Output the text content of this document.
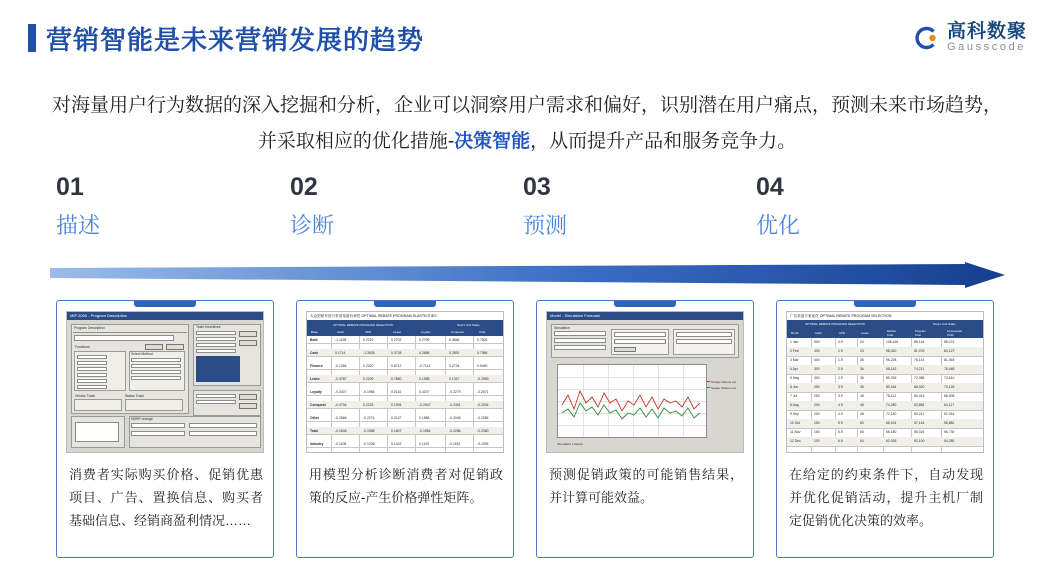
营销智能是未来营销发展的趋势	高科数聚
Gausscode
对海量用户行为数据的深入挖掘和分析，企业可以洞察用户需求和偏好，识别潜在用户痛点，预测未来市场趋势，并采取相应的优化措施-决策智能，从而提升产品和服务竞争力。
01
描述
02
诊断
03
预测
04
优化
MIP 2000 - Program Description
Program Description
Functions
Select Method
Vendor Track	Status Track
Team Incentives
MSRP change
消费者实际购买价格、促销优惠项目、广告、置换信息、购买者基础信息、经销商盈利情况……
大众型轿车进口采用渠道价弹性 OPTIMAL REBATE PROGRAM ELASTICITIES
OPTIMAL REBATE PROGRAM SELECTION	Now's Unit Sales
Base	Cash	APR	Lease	Loyalty	Conquest	Total
Bold	-1.1198	0.2219	0.2702	0.2799	0.3846	0.7805
Cash	0.1714	-1.3528	0.3728	0.2658	0.2830	0.7986
Finance	-0.1284	0.2320	0.8712	-0.7113	0.2734	0.9469
Lease	-0.3787	0.2209	0.7860	0.1988	0.1347	-0.2969
Loyalty	-0.3407	-0.1986	0.2142	0.4207	-0.2279	-0.2671
Conquest	-0.4704	0.2223	0.1994	-0.2547	-0.2491	-0.2034
Other	-0.2666	-0.2274	0.2147	0.1888	-0.2048	-0.2284
Total	-0.2648	-0.1988	0.1607	-0.1984	-0.2286	-0.2380
Industry	-0.1108	-0.1236	0.1422	0.1109	-0.1182	-0.1094
用模型分析诊断消费者对促销政策的反应-产生价格弹性矩阵。
Model - Simulation Forecast
Simulation
Design Volume est
Gauge Volume est
Simulation 1 Result
预测促销政策的可能销售结果，并计算可能效益。
广告渠道方案优化 OPTIMAL REBATE PROGRAM SELECTION
OPTIMAL REBATE PROGRAM SELECTION	Now's Unit Sales
Month	Cash	APR	Lease	Rebate
Total
Program
Cost
Incremental
Profit
1 Jan	500	0.9	24	106,426	86,144	88,221
2 Feb	400	1.9	24	98,320	81,076	84,127
3 Mar	400	1.9	36	96,228	78,141	81,064
4 Apr	300	2.9	36	88,142	74,211	76,448
5 May	300	2.9	36	85,326	72,088	74,610
6 Jun	250	3.9	36	80,044	68,320	70,126
7 Jul	250	3.9	48	78,112	66,014	68,908
8 Aug	200	4.9	48	74,280	62,884	64,117
9 Sep	200	4.9	48	72,140	60,212	62,044
10 Oct	150	5.9	60	68,024	57,144	58,882
11 Nov	150	5.9	60	66,180	55,024	56,730
12 Dec	100	6.9	60	62,018	52,100	54,280
在给定的约束条件下，自动发现并优化促销活动，提升主机厂制定促销优化决策的效率。
